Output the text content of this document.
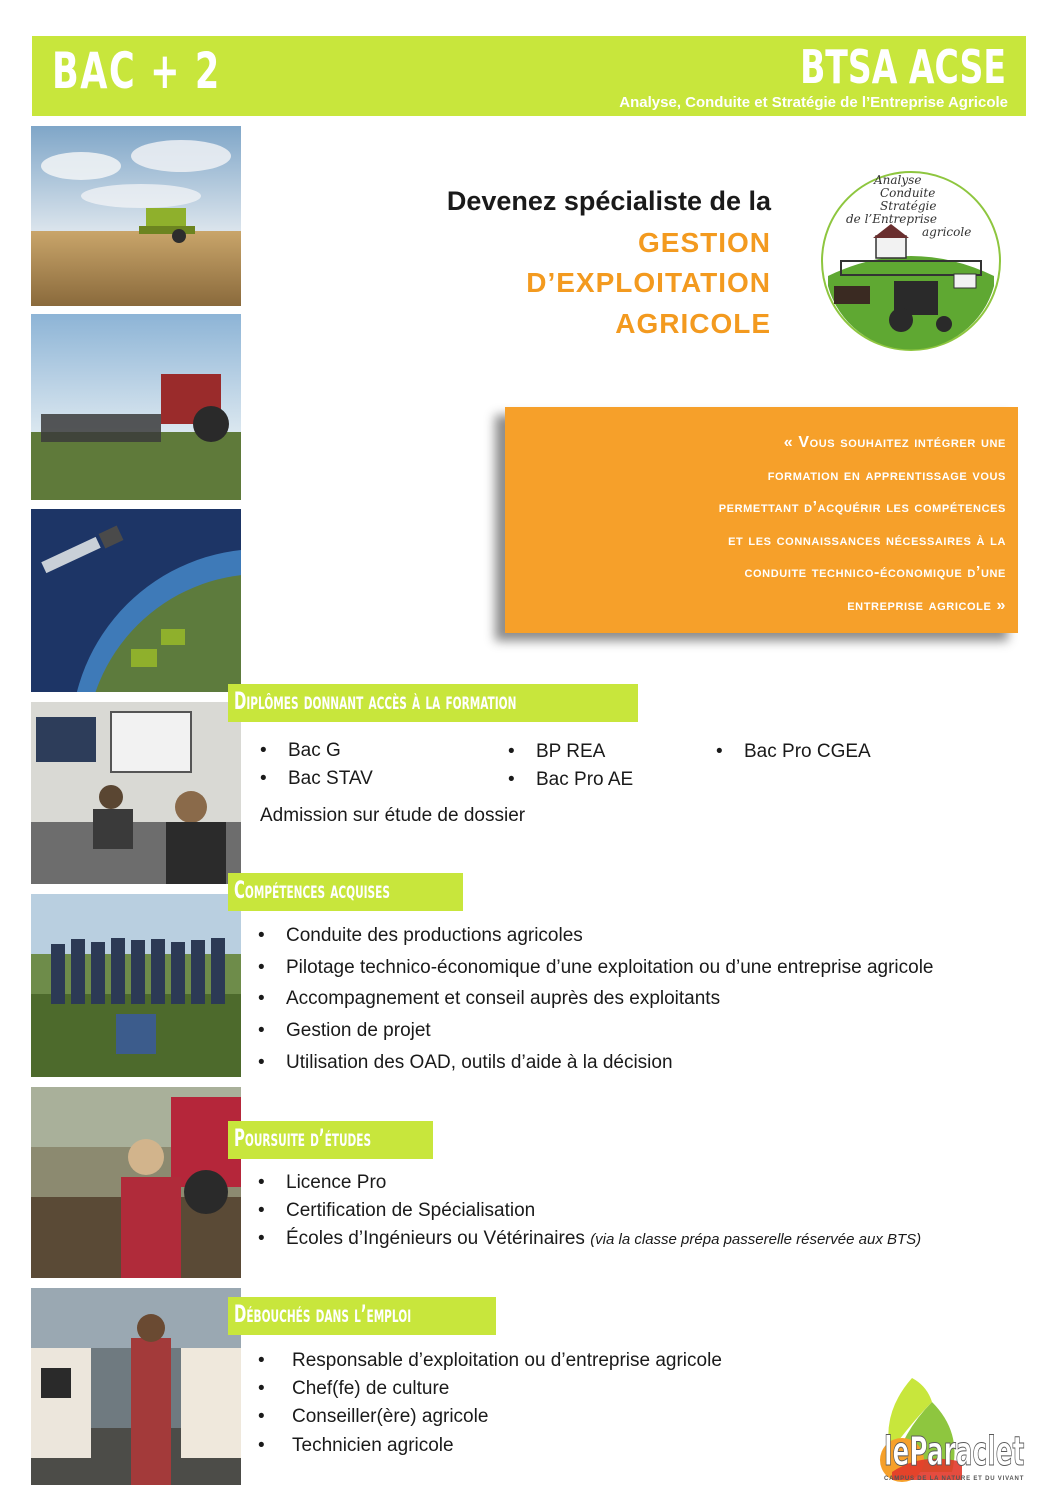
BAC + 2	BTSA ACSE
Analyse, Conduite et Stratégie de l’Entreprise Agricole
Devenez spécialiste de la
GESTION
D’EXPLOITATION
AGRICOLE
Analyse
Conduite
Stratégie
de l’Entreprise
agricole
« Vous souhaitez intégrer une
formation en apprentissage vous
permettant d’acquérir les compétences
et les connaissances nécessaires à la
conduite technico-économique d’une
entreprise agricole »
Diplômes donnant accès à la formation
• Bac G
• Bac STAV
• BP REA
• Bac Pro AE
• Bac Pro CGEA
Admission sur étude de dossier
Compétences acquises
• Conduite des productions agricoles
• Pilotage technico-économique d’une exploitation ou d’une entreprise agricole
• Accompagnement et conseil auprès des exploitants
• Gestion de projet
• Utilisation des OAD, outils d’aide à la décision
Poursuite d’études
• Licence Pro
• Certification de Spécialisation
• Écoles d’Ingénieurs ou Vétérinaires (via la classe prépa passerelle réservée aux BTS)
Débouchés dans l’emploi
• Responsable d’exploitation ou d’entreprise agricole
• Chef(fe) de culture
• Conseiller(ère) agricole
• Technicien agricole	leParaclet
CAMPUS DE LA NATURE ET DU VIVANT
